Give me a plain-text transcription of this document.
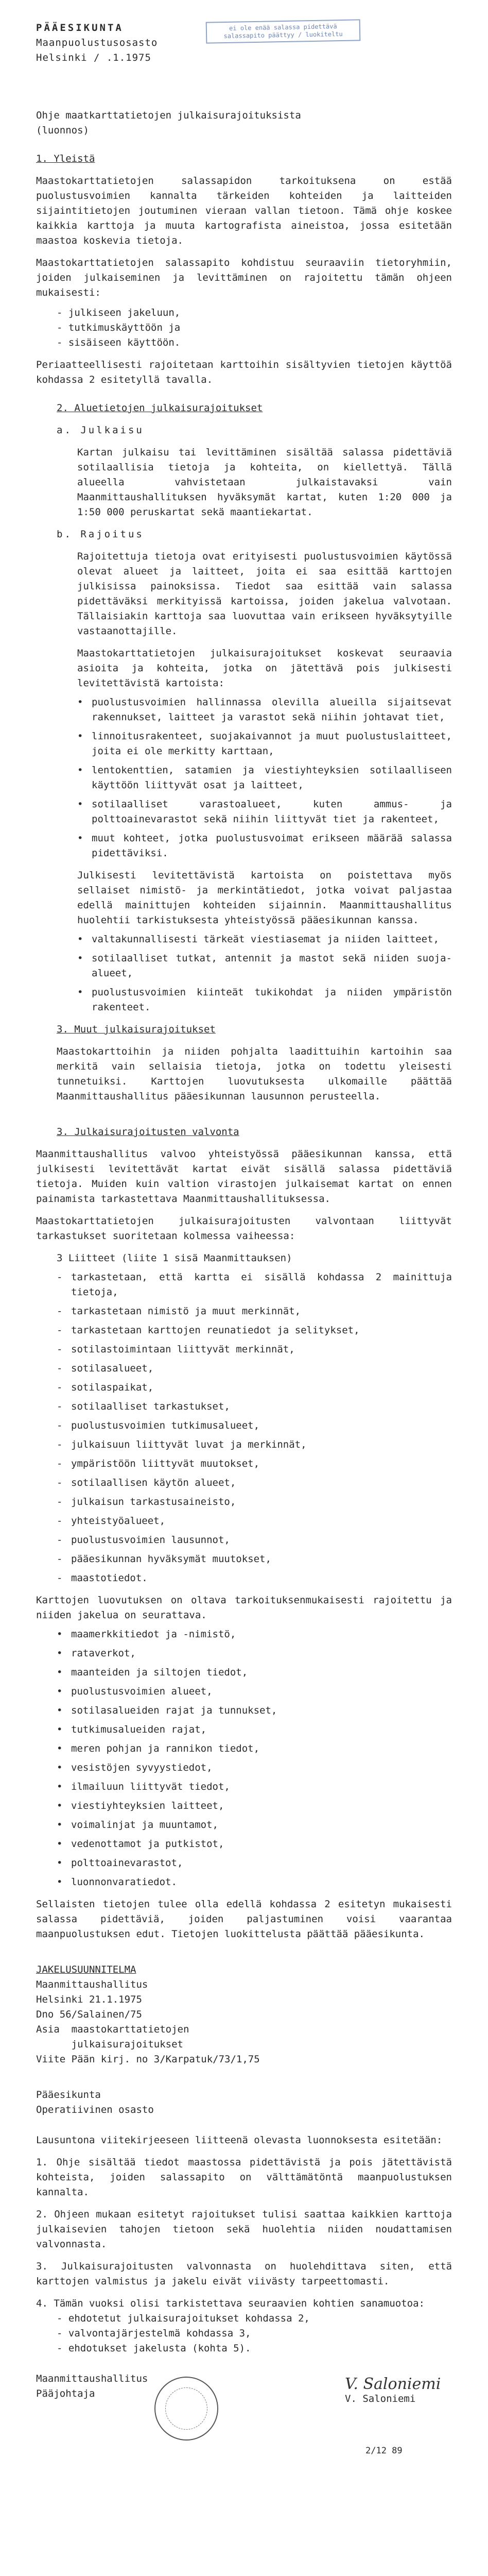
PÄÄESIKUNTA
Maanpuolustusosasto
Helsinki / .1.1975
ei ole enää salassa pidettävä
salassapito päättyy / luokiteltu
Ohje maatkarttatietojen julkaisurajoituksista
(luonnos)
1. Yleistä
Maastokarttatietojen salassapidon tarkoituksena on estää puolustusvoimien kannalta tärkeiden kohteiden ja laitteiden sijaintitietojen joutuminen vieraan vallan tietoon. Tämä ohje koskee kaikkia karttoja ja muuta kartografista aineistoa, jossa esitetään maastoa koskevia tietoja.
Maastokarttatietojen salassapito kohdistuu seuraaviin tietoryhmiin, joiden julkaiseminen ja levittäminen on rajoitettu tämän ohjeen mukaisesti:
- julkiseen jakeluun,
- tutkimuskäyttöön ja
- sisäiseen käyttöön.
Periaatteellisesti rajoitetaan karttoihin sisältyvien tietojen käyttöä kohdassa 2 esitetyllä tavalla.
2. Aluetietojen julkaisurajoitukset
a. Julkaisu
Kartan julkaisu tai levittäminen sisältää salassa pidettäviä sotilaallisia tietoja ja kohteita, on kiellettyä. Tällä alueella vahvistetaan julkaistavaksi vain Maanmittaushallituksen hyväksymät kartat, kuten 1:20 000 ja 1:50 000 peruskartat sekä maantiekartat.
b. Rajoitus
Rajoitettuja tietoja ovat erityisesti puolustusvoimien käytössä olevat alueet ja laitteet, joita ei saa esittää karttojen julkisissa painoksissa. Tiedot saa esittää vain salassa pidettäväksi merkityissä kartoissa, joiden jakelua valvotaan. Tällaisiakin karttoja saa luovuttaa vain erikseen hyväksytyille vastaanottajille.
Maastokarttatietojen julkaisurajoitukset koskevat seuraavia asioita ja kohteita, jotka on jätettävä pois julkisesti levitettävistä kartoista:
• puolustusvoimien hallinnassa olevilla alueilla sijaitsevat rakennukset, laitteet ja varastot sekä niihin johtavat tiet,
• linnoitusrakenteet, suojakaivannot ja muut puolustuslaitteet, joita ei ole merkitty karttaan,
• lentokenttien, satamien ja viestiyhteyksien sotilaalliseen käyttöön liittyvät osat ja laitteet,
• sotilaalliset varastoalueet, kuten ammus- ja polttoainevarastot sekä niihin liittyvät tiet ja rakenteet,
• muut kohteet, jotka puolustusvoimat erikseen määrää salassa pidettäviksi.
Julkisesti levitettävistä kartoista on poistettava myös sellaiset nimistö- ja merkintätiedot, jotka voivat paljastaa edellä mainittujen kohteiden sijainnin. Maanmittaushallitus huolehtii tarkistuksesta yhteistyössä pääesikunnan kanssa.
• valtakunnallisesti tärkeät viestiasemat ja niiden laitteet,
• sotilaalliset tutkat, antennit ja mastot sekä niiden suoja-alueet,
• puolustusvoimien kiinteät tukikohdat ja niiden ympäristön rakenteet.
3. Muut julkaisurajoitukset
Maastokarttoihin ja niiden pohjalta laadittuihin kartoihin saa merkitä vain sellaisia tietoja, jotka on todettu yleisesti tunnetuiksi. Karttojen luovutuksesta ulkomaille päättää Maanmittaushallitus pääesikunnan lausunnon perusteella.
3. Julkaisurajoitusten valvonta
Maanmittaushallitus valvoo yhteistyössä pääesikunnan kanssa, että julkisesti levitettävät kartat eivät sisällä salassa pidettäviä tietoja. Muiden kuin valtion virastojen julkaisemat kartat on ennen painamista tarkastettava Maanmittaushallituksessa.
Maastokarttatietojen julkaisurajoitusten valvontaan liittyvät tarkastukset suoritetaan kolmessa vaiheessa:
3 Liitteet (liite 1 sisä Maanmittauksen)
- tarkastetaan, että kartta ei sisällä kohdassa 2 mainittuja tietoja,
- tarkastetaan nimistö ja muut merkinnät,
- tarkastetaan karttojen reunatiedot ja selitykset,
- sotilastoimintaan liittyvät merkinnät,
- sotilasalueet,
- sotilaspaikat,
- sotilaalliset tarkastukset,
- puolustusvoimien tutkimusalueet,
- julkaisuun liittyvät luvat ja merkinnät,
- ympäristöön liittyvät muutokset,
- sotilaallisen käytön alueet,
- julkaisun tarkastusaineisto,
- yhteistyöalueet,
- puolustusvoimien lausunnot,
- pääesikunnan hyväksymät muutokset,
- maastotiedot.
Karttojen luovutuksen on oltava tarkoituksenmukaisesti rajoitettu ja niiden jakelua on seurattava.
• maamerkkitiedot ja -nimistö,
• rataverkot,
• maanteiden ja siltojen tiedot,
• puolustusvoimien alueet,
• sotilasalueiden rajat ja tunnukset,
• tutkimusalueiden rajat,
• meren pohjan ja rannikon tiedot,
• vesistöjen syvyystiedot,
• ilmailuun liittyvät tiedot,
• viestiyhteyksien laitteet,
• voimalinjat ja muuntamot,
• vedenottamot ja putkistot,
• polttoainevarastot,
• luonnonvaratiedot.
Sellaisten tietojen tulee olla edellä kohdassa 2 esitetyn mukaisesti salassa pidettäviä, joiden paljastuminen voisi vaarantaa maanpuolustuksen edut. Tietojen luokittelusta päättää pääesikunta.
JAKELUSUUNNITELMA
Maanmittaushallitus
Helsinki 21.1.1975
Dno 56/Salainen/75
Asia  maastokarttatietojen
julkaisurajoitukset
Viite Pään kirj. no 3/Karpatuk/73/1,75
Pääesikunta
Operatiivinen osasto
Lausuntona viitekirjeeseen liitteenä olevasta luonnoksesta esitetään:
1. Ohje sisältää tiedot maastossa pidettävistä ja pois jätettävistä kohteista, joiden salassapito on välttämätöntä maanpuolustuksen kannalta.
2. Ohjeen mukaan esitetyt rajoitukset tulisi saattaa kaikkien karttoja julkaisevien tahojen tietoon sekä huolehtia niiden noudattamisen valvonnasta.
3. Julkaisurajoitusten valvonnasta on huolehdittava siten, että karttojen valmistus ja jakelu eivät viivästy tarpeettomasti.
4. Tämän vuoksi olisi tarkistettava seuraavien kohtien sanamuotoa:
- ehdotetut julkaisurajoitukset kohdassa 2,
- valvontajärjestelmä kohdassa 3,
- ehdotukset jakelusta (kohta 5).
Maanmittaushallitus
Pääjohtaja
V. Saloniemi
V. Saloniemi
2/12 89
